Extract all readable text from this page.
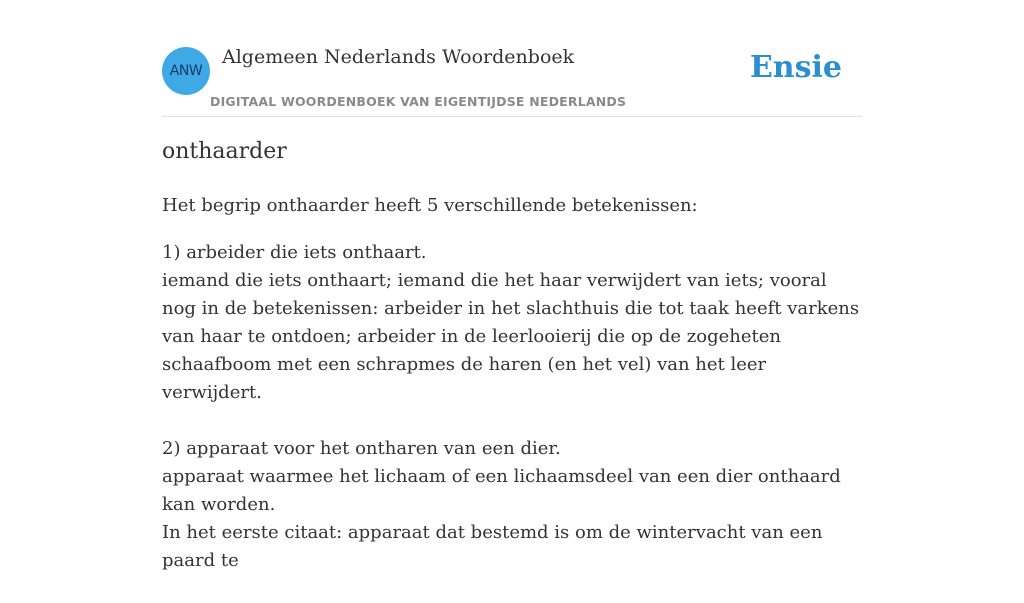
ANW
Algemeen Nederlands Woordenboek
DIGITAAL WOORDENBOEK VAN EIGENTIJDSE NEDERLANDS
Ensie
onthaarder

Het begrip onthaarder heeft 5 verschillende betekenissen:

1) arbeider die iets onthaart.

iemand die iets onthaart; iemand die het haar verwijdert van iets; vooral nog in de betekenissen: arbeider in het slachthuis die tot taak heeft varkens van haar te ontdoen; arbeider in de leerlooierij die op de zogeheten schaafboom met een schrapmes de haren (en het vel) van het leer verwijdert.

2) apparaat voor het ontharen van een dier.

apparaat waarmee het lichaam of een lichaamsdeel van een dier onthaard kan worden.

In het eerste citaat: apparaat dat bestemd is om de wintervacht van een paard te
